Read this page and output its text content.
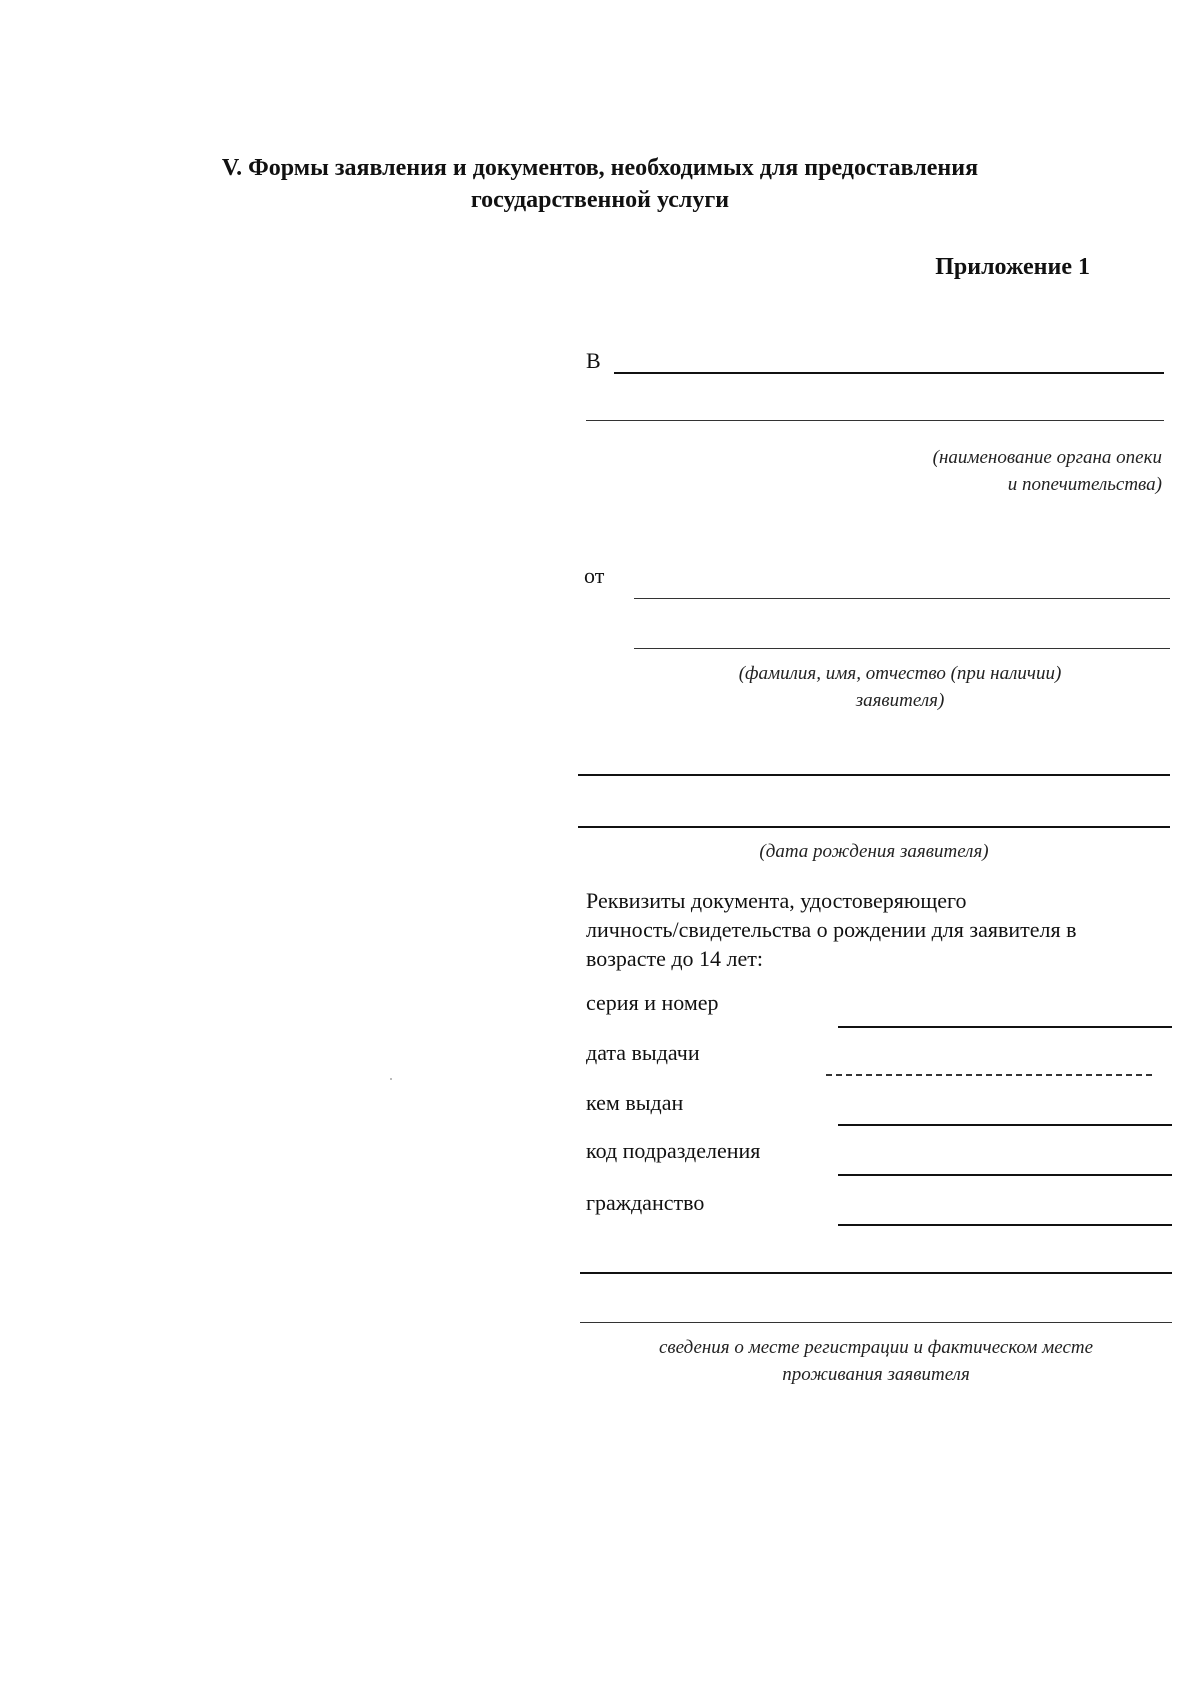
V. Формы заявления и документов, необходимых для предоставления
государственной услуги
Приложение 1
В
(наименование органа опеки
и попечительства)
от
(фамилия, имя, отчество (при наличии)
заявителя)
(дата рождения заявителя)
Реквизиты документа, удостоверяющего
личность/свидетельства о рождении для заявителя в
возрасте до 14 лет:
серия и номер
дата выдачи
кем выдан
код подразделения
гражданство
сведения о месте регистрации и фактическом месте
проживания заявителя
